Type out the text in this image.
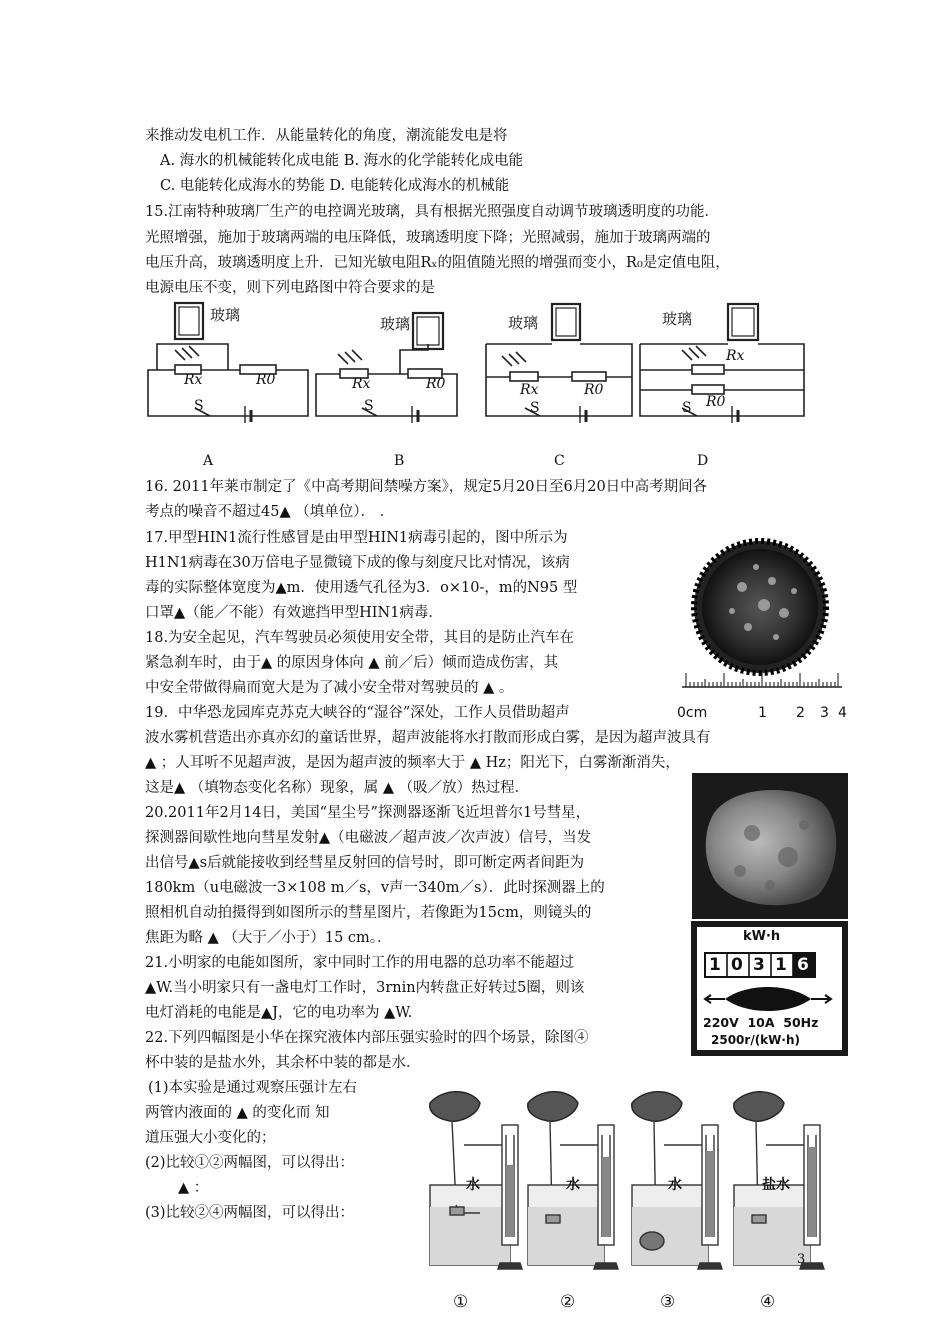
来推动发电机工作．从能量转化的角度，潮流能发电是将
A. 海水的机械能转化成电能 B. 海水的化学能转化成电能
C. 电能转化成海水的势能 D. 电能转化成海水的机械能
15.江南特种玻璃厂生产的电控调光玻璃，具有根据光照强度自动调节玻璃透明度的功能．
光照增强，施加于玻璃两端的电压降低，玻璃透明度下降；光照减弱，施加于玻璃两端的
电压升高，玻璃透明度上升．已知光敏电阻Rₓ的阻值随光照的增强而变小，R₀是定值电阻，
电源电压不变，则下列电路图中符合要求的是
玻璃
Rx	R0
S
玻璃
Rx	R0
S
玻璃
Rx	R0
S
玻璃
Rx
R0
S
A	B	C	D
16. 2011年莱市制定了《中高考期间禁噪方案》，规定5月20日至6月20日中高考期间各
考点的噪音不超过45▲ （填单位）． ．
17.甲型HIN1流行性感冒是由甲型HIN1病毒引起的，图中所示为
H1N1病毒在30万倍电子显微镜下成的像与刻度尺比对情况，该病
毒的实际整体宽度为▲m．使用透气孔径为3．o×10-，m的N95 型
口罩▲（能／不能）有效遮挡甲型HIN1病毒．
18.为安全起见，汽车驾驶员必须使用安全带，其目的是防止汽车在
紧急刹车时，由于▲ 的原因身体向 ▲ 前／后）倾而造成伤害，其
中安全带做得扁而宽大是为了减小安全带对驾驶员的 ▲ 。
0cm	1 2 3 4
19．中华恐龙园库克苏克大峡谷的“湿谷”深处，工作人员借助超声
波水雾机营造出亦真亦幻的童话世界，超声波能将水打散而形成白雾，是因为超声波具有
▲ ；人耳听不见超声波，是因为超声波的频率大于 ▲ Hz；阳光下，白雾渐渐消失，
这是▲ （填物态变化名称）现象，属 ▲ （吸／放）热过程．
20.2011年2月14日，美国“星尘号”探测器逐渐飞近坦普尔1号彗星，
探测器间歇性地向彗星发射▲（电磁波／超声波／次声波）信号，当发
出信号▲s后就能接收到经彗星反射回的信号时，即可断定两者间距为
180km（u电磁波一3×108 m／s，v声一340m／s）．此时探测器上的
照相机自动拍摄得到如图所示的彗星图片，若像距为15cm，则镜头的
焦距为略 ▲ （大于／小于）15 cm。．	kW·h
1 0 3 1 6
220V  10A  50Hz
2500r/(kW·h)
21.小明家的电能如图所，家中同时工作的用电器的总功率不能超过
▲W.当小明家只有一盏电灯工作时，3rnin内转盘正好转过5圈，则该
电灯消耗的电能是▲J，它的电功率为 ▲W.
22.下列四幅图是小华在探究液体内部压强实验时的四个场景，除图④
杯中装的是盐水外，其余杯中装的都是水．
(1)本实验是通过观察压强计左右
两管内液面的 ▲ 的变化而 知
道压强大小变化的；
(2)比较①②两幅图，可以得出：
▲ ：
(3)比较②④两幅图，可以得出：
水	水	水	盐水
①	②	③	④
3
